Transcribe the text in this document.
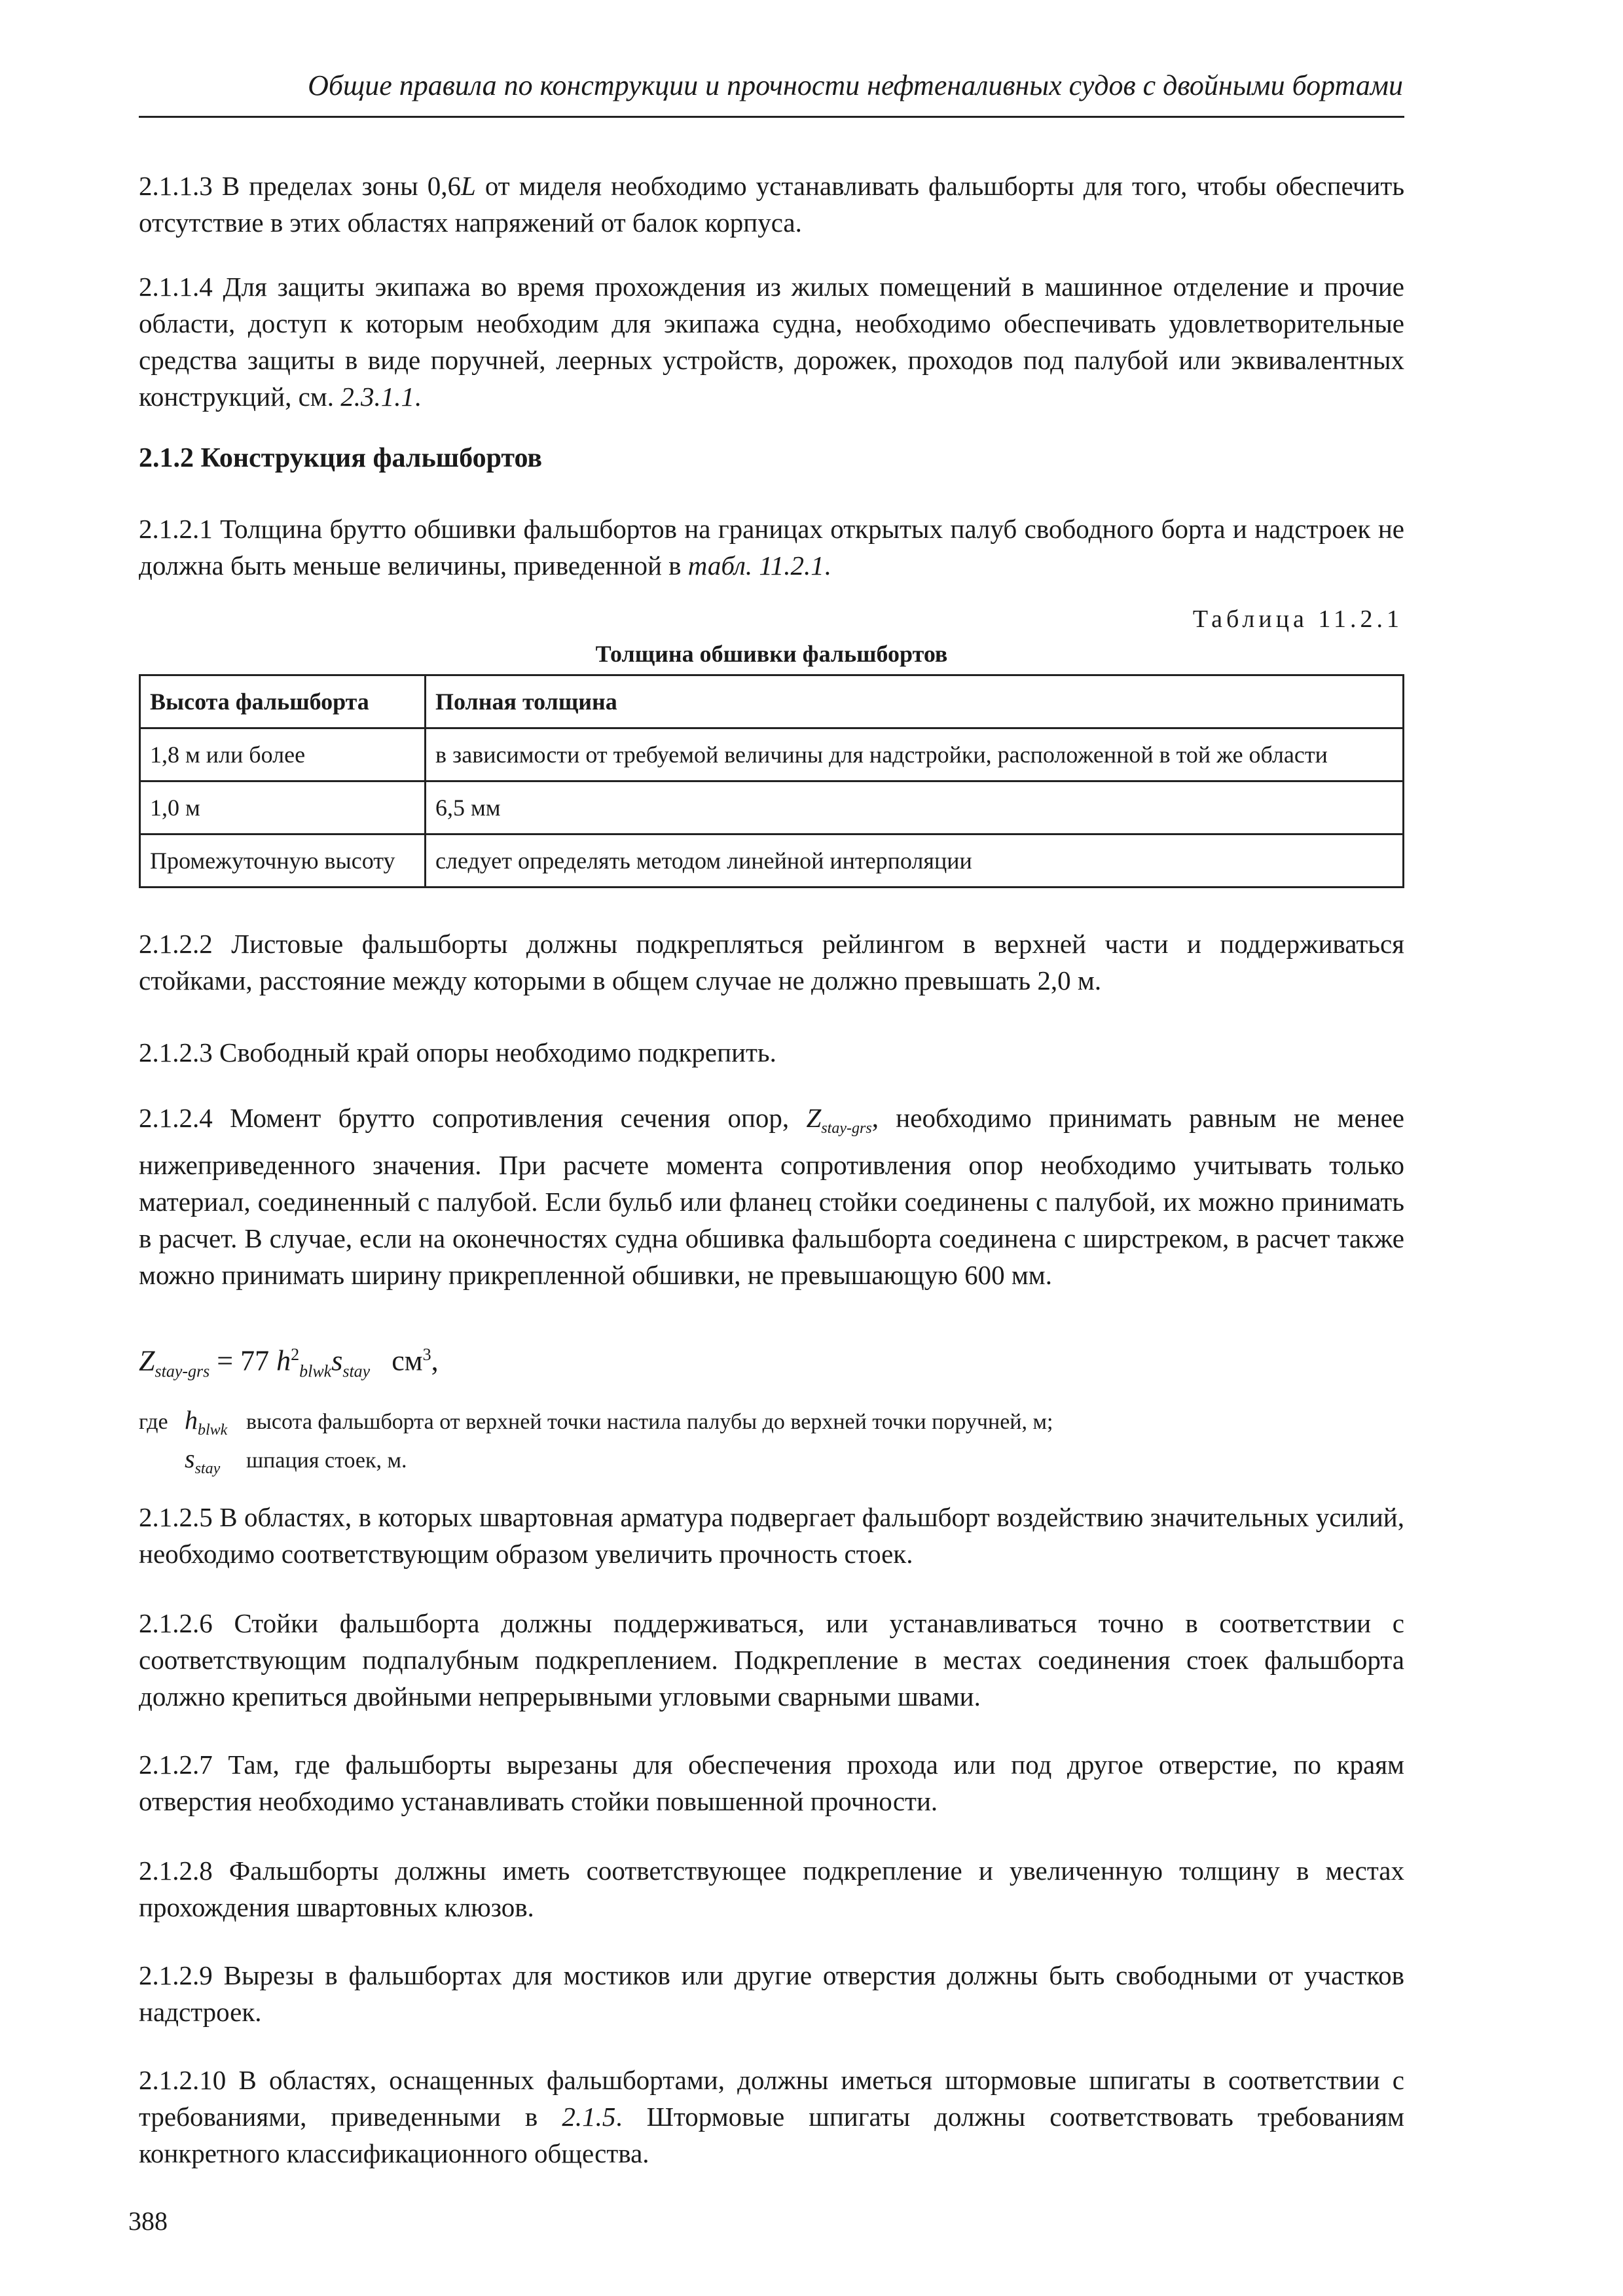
Общие правила по конструкции и прочности нефтеналивных судов с двойными бортами

2.1.1.3 В пределах зоны 0,6L от миделя необходимо устанавливать фальшборты для того, чтобы обеспечить отсутствие в этих областях напряжений от балок корпуса.

2.1.1.4 Для защиты экипажа во время прохождения из жилых помещений в машинное отделение и прочие области, доступ к которым необходим для экипажа судна, необходимо обеспечивать удовлетворительные средства защиты в виде поручней, леерных устройств, дорожек, проходов под палубой или эквивалентных конструкций, см. 2.3.1.1.

2.1.2 Конструкция фальшбортов

2.1.2.1 Толщина брутто обшивки фальшбортов на границах открытых палуб свободного борта и надстроек не должна быть меньше величины, приведенной в табл. 11.2.1.

Таблица 11.2.1
Толщина обшивки фальшбортов
Высота фальшборта	Полная толщина
1,8 м или более	в зависимости от требуемой величины для надстройки, расположенной в той же области
1,0 м	6,5 мм
Промежуточную высоту	следует определять методом линейной интерполяции

2.1.2.2 Листовые фальшборты должны подкрепляться рейлингом в верхней части и поддерживаться стойками, расстояние между которыми в общем случае не должно превышать 2,0 м.

2.1.2.3 Свободный край опоры необходимо подкрепить.

2.1.2.4 Момент брутто сопротивления сечения опор, $Z_{stay-grs}$, необходимо принимать равным не менее нижеприведенного значения. При расчете момента сопротивления опор необходимо учитывать только материал, соединенный с палубой. Если бульб или фланец стойки соединены с палубой, их можно принимать в расчет. В случае, если на оконечностях судна обшивка фальшборта соединена с ширстреком, в расчет также можно принимать ширину прикрепленной обшивки, не превышающую 600 мм.

$Z_{stay-grs} = 77$ $h^2_{blwk}s_{stay}$ $см^3$,
где $h_{blwk}$ высота фальшборта от верхней точки настила палубы до верхней точки поручней, м;
$s_{stay}$ шпация стоек, м.

2.1.2.5 В областях, в которых швартовная арматура подвергает фальшборт воздействию значительных усилий, необходимо соответствующим образом увеличить прочность стоек.

2.1.2.6 Стойки фальшборта должны поддерживаться, или устанавливаться точно в соответствии с соответствующим подпалубным подкреплением. Подкрепление в местах соединения стоек фальшборта должно крепиться двойными непрерывными угловыми сварными швами.

2.1.2.7 Там, где фальшборты вырезаны для обеспечения прохода или под другое отверстие, по краям отверстия необходимо устанавливать стойки повышенной прочности.

2.1.2.8 Фальшборты должны иметь соответствующее подкрепление и увеличенную толщину в местах прохождения швартовных клюзов.

2.1.2.9 Вырезы в фальшбортах для мостиков или другие отверстия должны быть свободными от участков надстроек.

2.1.2.10 В областях, оснащенных фальшбортами, должны иметься штормовые шпигаты в соответствии с требованиями, приведенными в 2.1.5. Штормовые шпигаты должны соответствовать требованиям конкретного классификационного общества.

388
